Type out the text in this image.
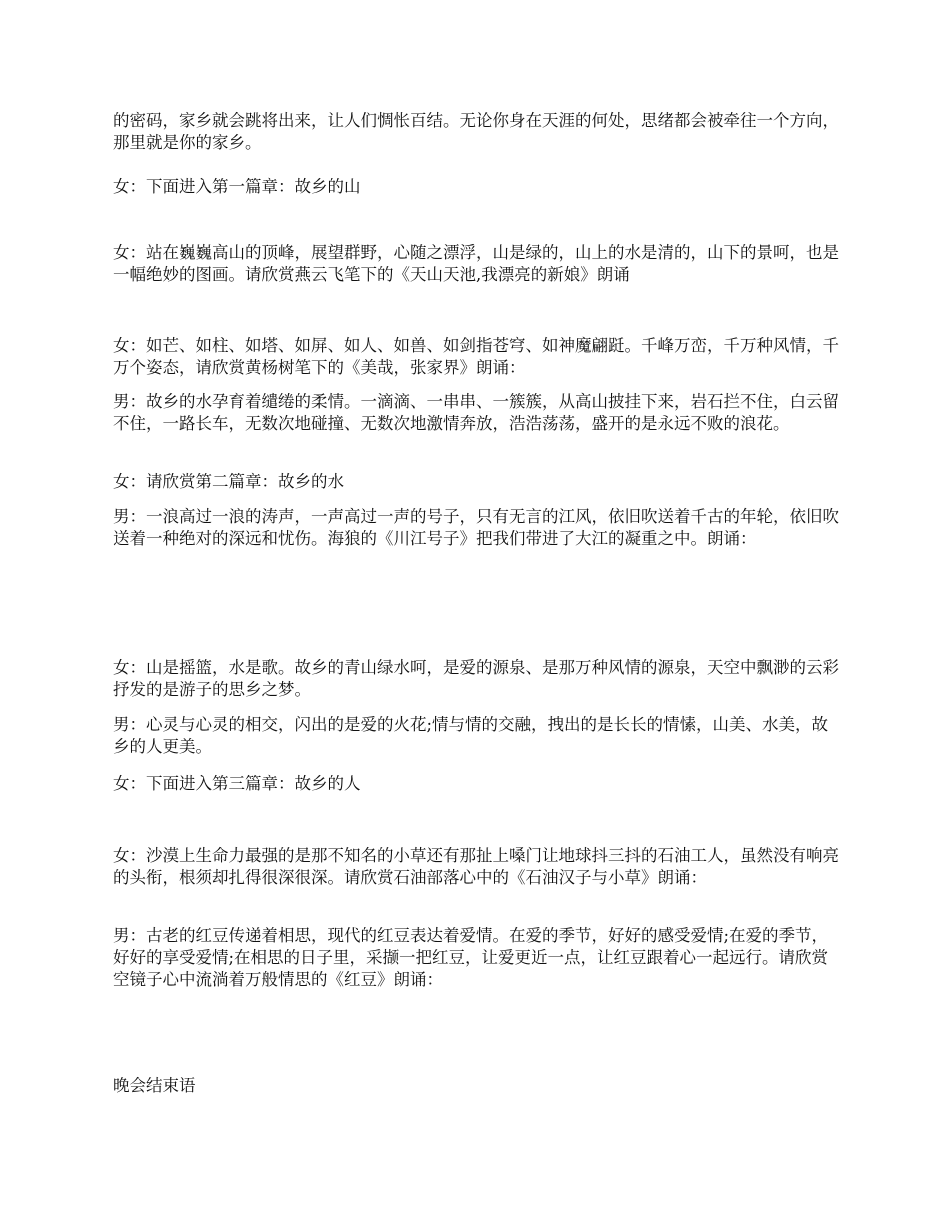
的密码，家乡就会跳将出来，让人们惆怅百结。无论你身在天涯的何处，思绪都会被牵往一个方向，那里就是你的家乡。

女：下面进入第一篇章：故乡的山

女：站在巍巍高山的顶峰，展望群野，心随之漂浮，山是绿的，山上的水是清的，山下的景呵，也是一幅绝妙的图画。请欣赏燕云飞笔下的《天山天池,我漂亮的新娘》朗诵

女：如芒、如柱、如塔、如屏、如人、如兽、如剑指苍穹、如神魔翩跹。千峰万峦，千万种风情，千万个姿态，请欣赏黄杨树笔下的《美哉，张家界》朗诵：

男：故乡的水孕育着缱绻的柔情。一滴滴、一串串、一簇簇，从高山披挂下来，岩石拦不住，白云留不住，一路长车，无数次地碰撞、无数次地激情奔放，浩浩荡荡，盛开的是永远不败的浪花。

女：请欣赏第二篇章：故乡的水

男：一浪高过一浪的涛声，一声高过一声的号子，只有无言的江风，依旧吹送着千古的年轮，依旧吹送着一种绝对的深远和忧伤。海狼的《川江号子》把我们带进了大江的凝重之中。朗诵：

女：山是摇篮，水是歌。故乡的青山绿水呵，是爱的源泉、是那万种风情的源泉，天空中飘渺的云彩抒发的是游子的思乡之梦。

男：心灵与心灵的相交，闪出的是爱的火花;情与情的交融，拽出的是长长的情愫，山美、水美，故乡的人更美。

女：下面进入第三篇章：故乡的人

女：沙漠上生命力最强的是那不知名的小草还有那扯上嗓门让地球抖三抖的石油工人，虽然没有响亮的头衔，根须却扎得很深很深。请欣赏石油部落心中的《石油汉子与小草》朗诵：

男：古老的红豆传递着相思，现代的红豆表达着爱情。在爱的季节，好好的感受爱情;在爱的季节，好好的享受爱情;在相思的日子里，采撷一把红豆，让爱更近一点，让红豆跟着心一起远行。请欣赏空镜子心中流淌着万般情思的《红豆》朗诵：

晚会结束语
